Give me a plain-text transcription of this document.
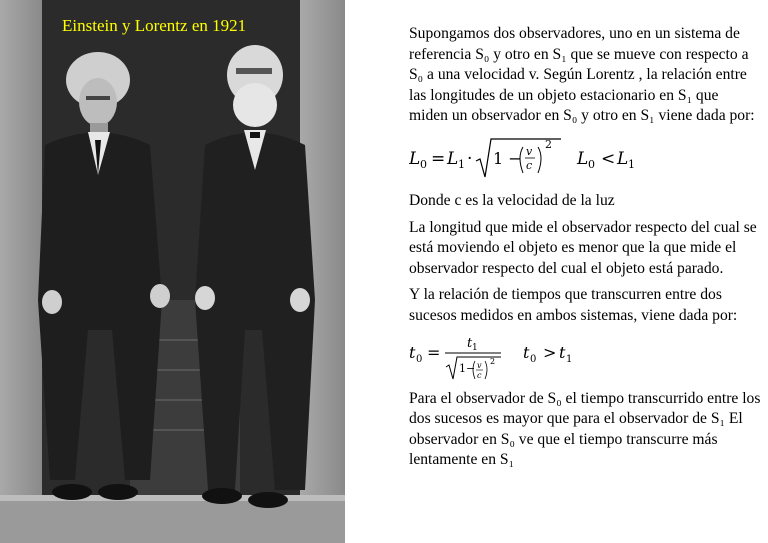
Einstein y Lorentz en 1921	Supongamos dos observadores, uno en un sistema de referencia S₀ y otro en S₁ que se mueve con respecto a S₀ a una velocidad v. Según Lorentz , la relación entre las longitudes de un objeto estacionario en S₁ que miden un observador en S₀ y otro en S₁ viene dada por:

L 0 = L 1 · 1 − v
c
2
L 0 < L 1

Donde c es la velocidad de la luz

La longitud que mide el observador respecto del cual se está moviendo el objeto es menor que la que mide el observador respecto del cual el objeto está parado.

Y la relación de tiempos que transcurren entre dos sucesos medidos en ambos sistemas, viene dada por:

t 0 = t 1
1− v
c
2 t 0 > t 1

Para el observador de S₀ el tiempo transcurrido entre los dos sucesos es mayor que para el observador de S₁ El observador en S₀ ve que el tiempo transcurre más lentamente en S₁
